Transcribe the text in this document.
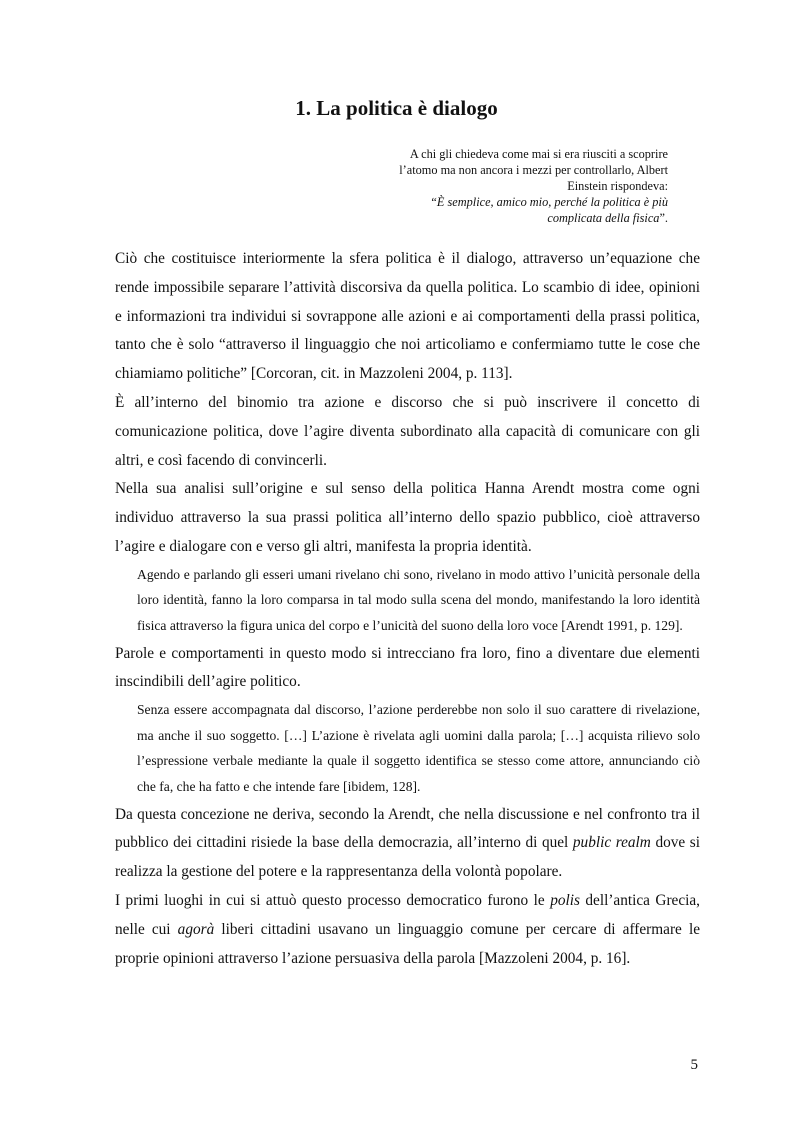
1. La politica è dialogo

A chi gli chiedeva come mai si era riusciti a scoprire l’atomo ma non ancora i mezzi per controllarlo, Albert Einstein rispondeva:
“È semplice, amico mio, perché la politica è più complicata della fisica”.

Ciò che costituisce interiormente la sfera politica è il dialogo, attraverso un’equazione che rende impossibile separare l’attività discorsiva da quella politica. Lo scambio di idee, opinioni e informazioni tra individui si sovrappone alle azioni e ai comportamenti della prassi politica, tanto che è solo “attraverso il linguaggio che noi articoliamo e confermiamo tutte le cose che chiamiamo politiche” [Corcoran, cit. in Mazzoleni 2004, p. 113].

È all’interno del binomio tra azione e discorso che si può inscrivere il concetto di comunicazione politica, dove l’agire diventa subordinato alla capacità di comunicare con gli altri, e così facendo di convincerli.

Nella sua analisi sull’origine e sul senso della politica Hanna Arendt mostra come ogni individuo attraverso la sua prassi politica all’interno dello spazio pubblico, cioè attraverso l’agire e dialogare con e verso gli altri, manifesta la propria identità.

Agendo e parlando gli esseri umani rivelano chi sono, rivelano in modo attivo l’unicità personale della loro identità, fanno la loro comparsa in tal modo sulla scena del mondo, manifestando la loro identità fisica attraverso la figura unica del corpo e l’unicità del suono della loro voce [Arendt 1991, p. 129].

Parole e comportamenti in questo modo si intrecciano fra loro, fino a diventare due elementi inscindibili dell’agire politico.

Senza essere accompagnata dal discorso, l’azione perderebbe non solo il suo carattere di rivelazione, ma anche il suo soggetto. […] L’azione è rivelata agli uomini dalla parola; […] acquista rilievo solo l’espressione verbale mediante la quale il soggetto identifica se stesso come attore, annunciando ciò che fa, che ha fatto e che intende fare [ibidem, 128].

Da questa concezione ne deriva, secondo la Arendt, che nella discussione e nel confronto tra il pubblico dei cittadini risiede la base della democrazia, all’interno di quel public realm dove si realizza la gestione del potere e la rappresentanza della volontà popolare.

I primi luoghi in cui si attuò questo processo democratico furono le polis dell’antica Grecia, nelle cui agorà liberi cittadini usavano un linguaggio comune per cercare di affermare le proprie opinioni attraverso l’azione persuasiva della parola [Mazzoleni 2004, p. 16].

5
